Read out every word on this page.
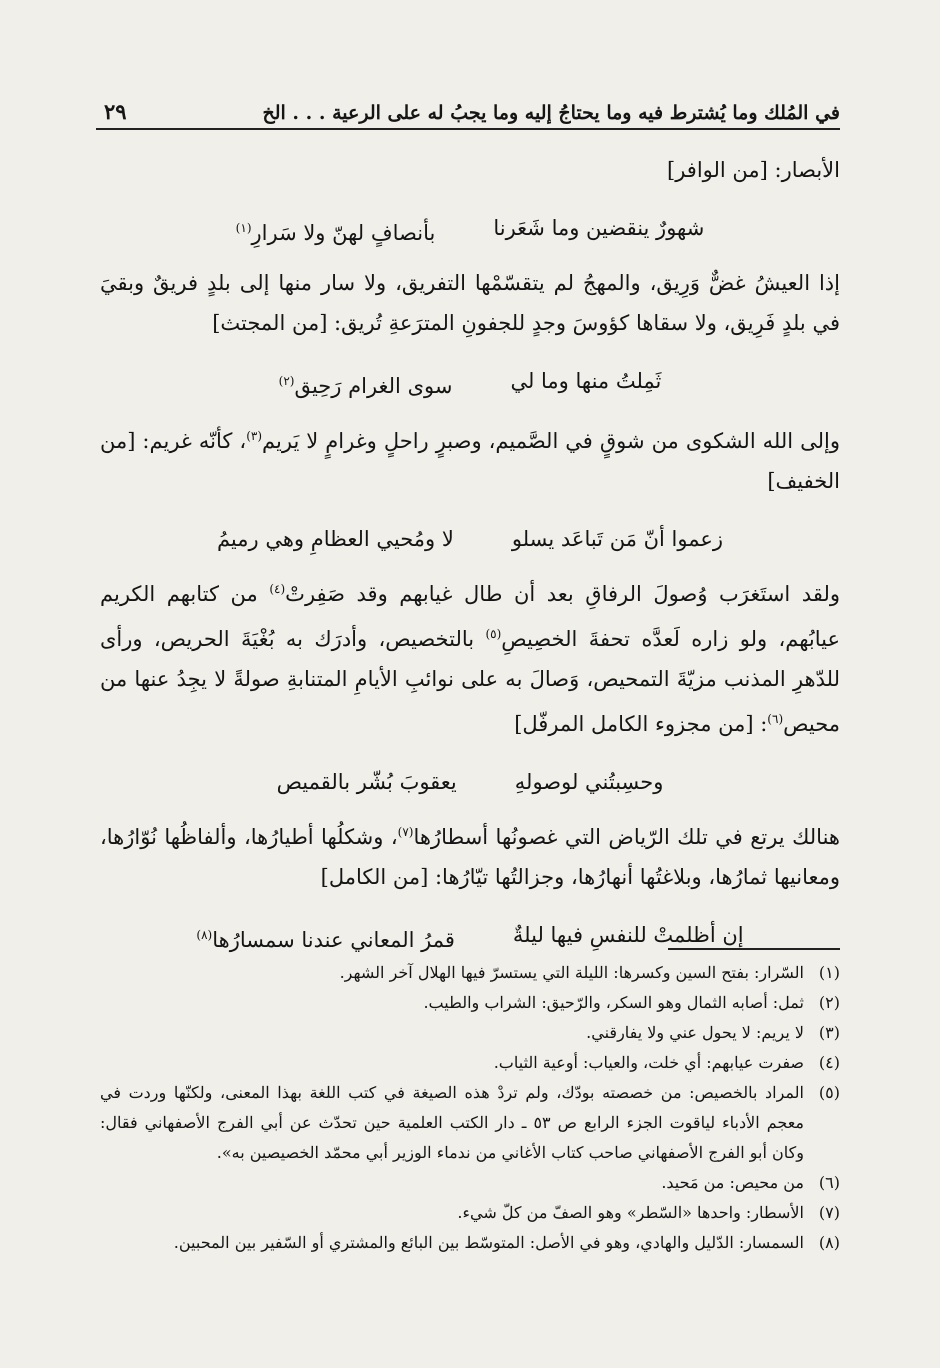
في المُلك وما يُشترط فيه وما يحتاجُ إليه وما يجبُ له على الرعية . . . الخ
٢٩

الأبصار: [من الوافر]

شهورٌ ينقضين وما شَعَرنا
بأنصافٍ لهنّ ولا سَرارِ$^{(١)}$

إذا العيشُ غضٌّ وَرِيق، والمهجُ لم يتقسّمْها التفريق، ولا سار منها إلى بلدٍ فريقٌ وبقيَ في بلدٍ فَرِيق، ولا سقاها كؤوسَ وجدٍ للجفونِ المترَعةِ تُريق: [من المجتث]

ثَمِلتُ منها وما لي
سوى الغرام رَحِيق$^{(٢)}$

وإلى الله الشكوى من شوقٍ في الصَّميم، وصبرٍ راحلٍ وغرامٍ لا يَريم$^{(٣)}$، كأنّه غريم: [من الخفيف]

زعموا أنّ مَن تَباعَد يسلو
لا ومُحيي العظامِ وهي رميمُ

ولقد استَغرَب وُصولَ الرفاقِ بعد أن طال غيابهم وقد صَفِرتْ$^{(٤)}$ من كتابهم الكريم عيابُهم، ولو زاره لَعدَّه تحفةَ الخصِيصِ$^{(٥)}$ بالتخصيص، وأدرَك به بُغْيَةَ الحريص، ورأى للدّهرِ المذنب مزيّةَ التمحيص، وَصالَ به على نوائبِ الأيامِ المتنابةِ صولةً لا يجِدُ عنها من محيص$^{(٦)}$: [من مجزوء الكامل المرفّل]

وحسِبتُني لوصولهِ
يعقوبَ بُشّر بالقميص

هنالك يرتع في تلك الرّياض التي غصونُها أسطارُها$^{(٧)}$، وشكلُها أطيارُها، وألفاظُها نُوّارُها، ومعانيها ثمارُها، وبلاغتُها أنهارُها، وجزالتُها تيّارُها: [من الكامل]

إن أظلمتْ للنفسِ فيها ليلةٌ
قمرُ المعاني عندنا سمسارُها$^{(٨)}$
(١)
السّرار: بفتح السين وكسرها: الليلة التي يستسرّ فيها الهلال آخر الشهر.
(٢)
ثمل: أصابه الثمال وهو السكر، والرّحيق: الشراب والطيب.
(٣)
لا يريم: لا يحول عني ولا يفارقني.
(٤)
صفرت عيابهم: أي خلت، والعياب: أوعية الثياب.
(٥)
المراد بالخصيص: من خصصته بودّك، ولم تردْ هذه الصيغة في كتب اللغة بهذا المعنى، ولكنّها وردت في معجم الأدباء لياقوت الجزء الرابع ص ٥٣ ـ دار الكتب العلمية حين تحدّث عن أبي الفرج الأصفهاني فقال: وكان أبو الفرج الأصفهاني صاحب كتاب الأغاني من ندماء الوزير أبي محمّد الخصيصين به».
(٦)
من محيص: من مَحيد.
(٧)
الأسطار: واحدها «السّطر» وهو الصفّ من كلّ شيء.
(٨)
السمسار: الدّليل والهادي، وهو في الأصل: المتوسّط بين البائع والمشتري أو السّفير بين المحبين.
